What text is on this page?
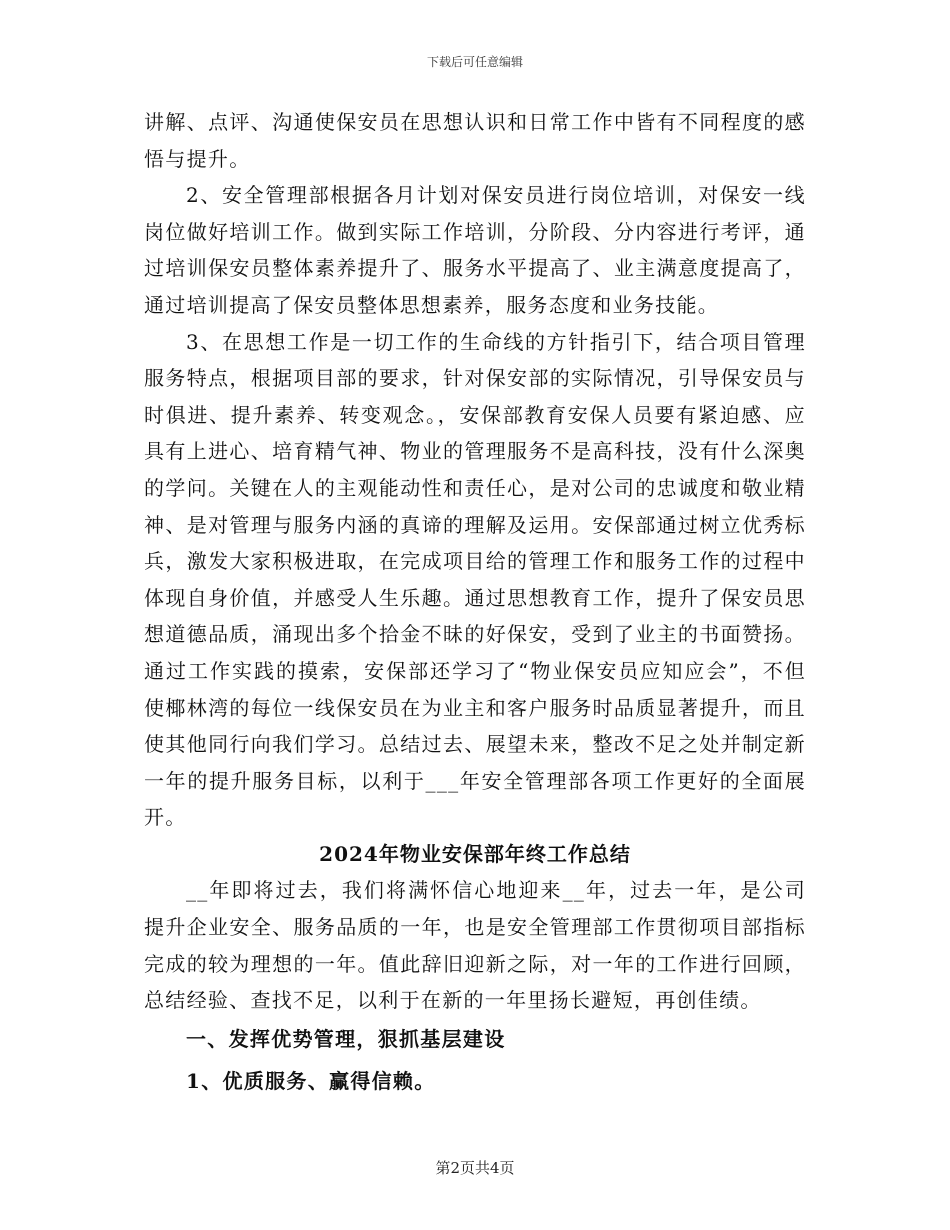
下载后可任意编辑

讲解、点评、沟通使保安员在思想认识和日常工作中皆有不同程度的感悟与提升。

2、安全管理部根据各月计划对保安员进行岗位培训，对保安一线岗位做好培训工作。做到实际工作培训，分阶段、分内容进行考评，通过培训保安员整体素养提升了、服务水平提高了、业主满意度提高了，通过培训提高了保安员整体思想素养，服务态度和业务技能。

3、在思想工作是一切工作的生命线的方针指引下，结合项目管理服务特点，根据项目部的要求，针对保安部的实际情况，引导保安员与时俱进、提升素养、转变观念。，安保部教育安保人员要有紧迫感、应具有上进心、培育精气神、物业的管理服务不是高科技，没有什么深奥的学问。关键在人的主观能动性和责任心，是对公司的忠诚度和敬业精神、是对管理与服务内涵的真谛的理解及运用。安保部通过树立优秀标兵，激发大家积极进取，在完成项目给的管理工作和服务工作的过程中体现自身价值，并感受人生乐趣。通过思想教育工作，提升了保安员思想道德品质，涌现出多个拾金不昧的好保安，受到了业主的书面赞扬。通过工作实践的摸索，安保部还学习了“物业保安员应知应会”，不但使椰林湾的每位一线保安员在为业主和客户服务时品质显著提升，而且使其他同行向我们学习。总结过去、展望未来，整改不足之处并制定新一年的提升服务目标，以利于___年安全管理部各项工作更好的全面展开。

2024年物业安保部年终工作总结

__年即将过去，我们将满怀信心地迎来__年，过去一年，是公司提升企业安全、服务品质的一年，也是安全管理部工作贯彻项目部指标完成的较为理想的一年。值此辞旧迎新之际，对一年的工作进行回顾，总结经验、查找不足，以利于在新的一年里扬长避短，再创佳绩。

一、发挥优势管理，狠抓基层建设

1、优质服务、赢得信赖。

第2页共4页
